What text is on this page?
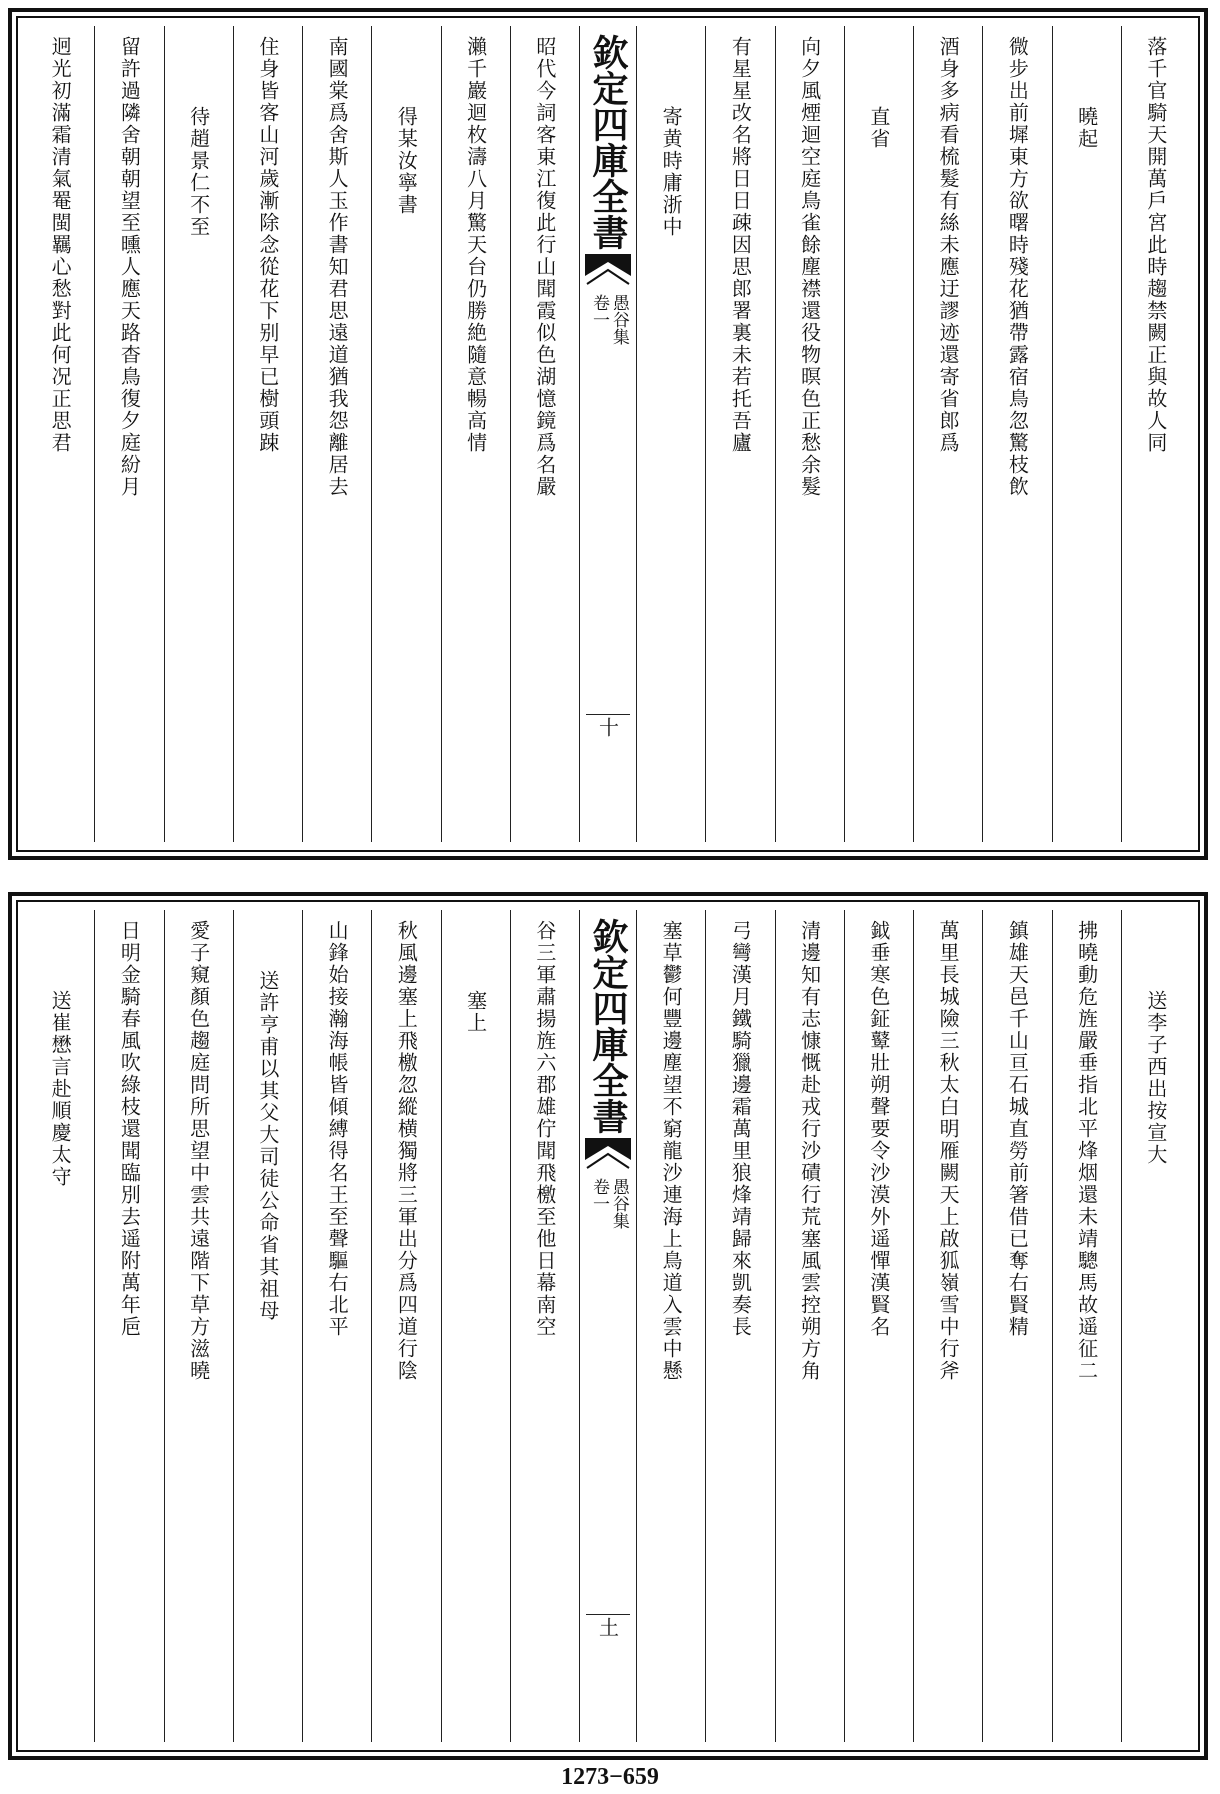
落千官騎天開萬戶宮此時趨禁闕正與故人同
曉起
微步出前墀東方欲曙時殘花猶帶露宿鳥忽驚枝飲
酒身多病看梳髮有絲未應迂謬迹還寄省郎爲
直省
向夕風煙迴空庭鳥雀餘塵襟還役物暝色正愁余髮
有星星改名將日日疎因思郎署裏未若托吾廬
寄黄時庸浙中
欽定四庫全書
愚谷集
卷一
十
昭代今詞客東江復此行山聞霞似色湖憶鏡爲名嚴
瀨千巖迴枚濤八月驚天台仍勝絶隨意暢高情
得某汝寧書
南國棠爲舍斯人玉作書知君思遠道猶我怨離居去
住身皆客山河歲漸除念從花下别早已樹頭踈
待趙景仁不至
留許過隣舍朝朝望至曛人應天路杳鳥復夕庭紛月
迥光初滿霜清氣罨閩羈心愁對此何况正思君
送李子西出按宣大
拂曉動危旌嚴垂指北平烽烟還未靖驄馬故遥征二
鎮雄天邑千山亘石城直勞前箸借已奪右賢精
萬里長城險三秋太白明雁闕天上啟狐嶺雪中行斧
鉞垂寒色鉦鼙壯朔聲要令沙漠外遥憚漢賢名
清邊知有志慷慨赴戎行沙磧行荒塞風雲控朔方角
弓彎漢月鐵騎獵邊霜萬里狼烽靖歸來凱奏長
塞草鬱何豐邊塵望不窮龍沙連海上鳥道入雲中懸
欽定四庫全書
愚谷集
卷一
土
谷三軍肅揚旌六郡雄佇聞飛檄至他日幕南空
塞上
秋風邊塞上飛檄忽縱横獨將三軍出分爲四道行陰
山鋒始接瀚海帳皆傾縛得名王至聲驅右北平
送許亨甫以其父大司徒公命省其祖母
愛子窺顏色趨庭問所思望中雲共遠階下草方滋曉
日明金騎春風吹綠枝還聞臨別去遥附萬年巵
送崔懋言赴順慶太守
1273−659
